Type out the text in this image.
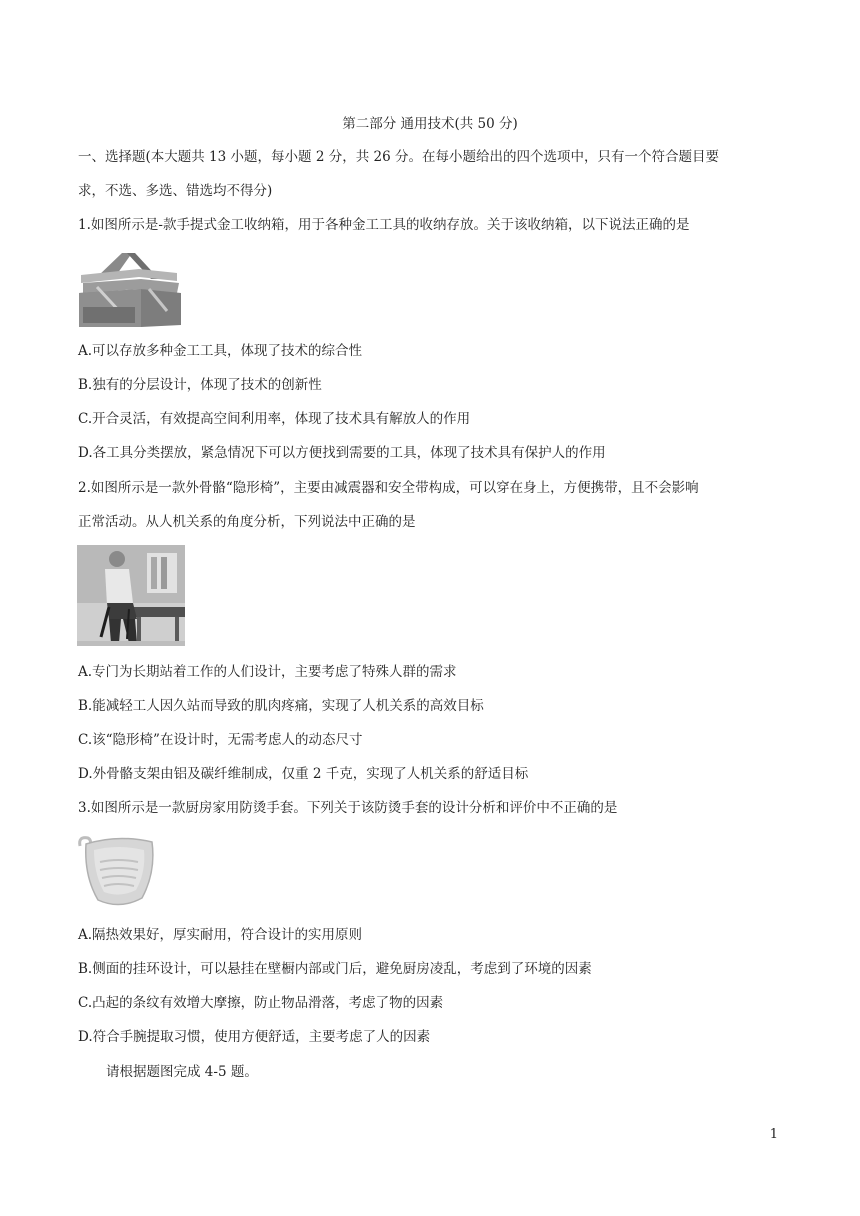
第二部分 通用技术(共 50 分)

一、选择题(本大题共 13 小题，每小题 2 分，共 26 分。在每小题给出的四个选项中，只有一个符合题目要

求，不选、多选、错选均不得分)

1.如图所示是-款手提式金工收纳箱，用于各种金工工具的收纳存放。关于该收纳箱，以下说法正确的是

A.可以存放多种金工工具，体现了技术的综合性

B.独有的分层设计，体现了技术的创新性

C.开合灵活，有效提高空间利用率，体现了技术具有解放人的作用

D.各工具分类摆放，紧急情况下可以方便找到需要的工具，体现了技术具有保护人的作用

2.如图所示是一款外骨骼“隐形椅”，主要由减震器和安全带构成，可以穿在身上，方便携带，且不会影响

正常活动。从人机关系的角度分析，下列说法中正确的是

A.专门为长期站着工作的人们设计，主要考虑了特殊人群的需求

B.能减轻工人因久站而导致的肌肉疼痛，实现了人机关系的高效目标

C.该“隐形椅”在设计时，无需考虑人的动态尺寸

D.外骨骼支架由铝及碳纤维制成，仅重 2 千克，实现了人机关系的舒适目标

3.如图所示是一款厨房家用防烫手套。下列关于该防烫手套的设计分析和评价中不正确的是

A.隔热效果好，厚实耐用，符合设计的实用原则

B.侧面的挂环设计，可以悬挂在壁橱内部或门后，避免厨房凌乱，考虑到了环境的因素

C.凸起的条纹有效增大摩擦，防止物品滑落，考虑了物的因素

D.符合手腕提取习惯，使用方便舒适，主要考虑了人的因素

请根据题图完成 4-5 题。

1
